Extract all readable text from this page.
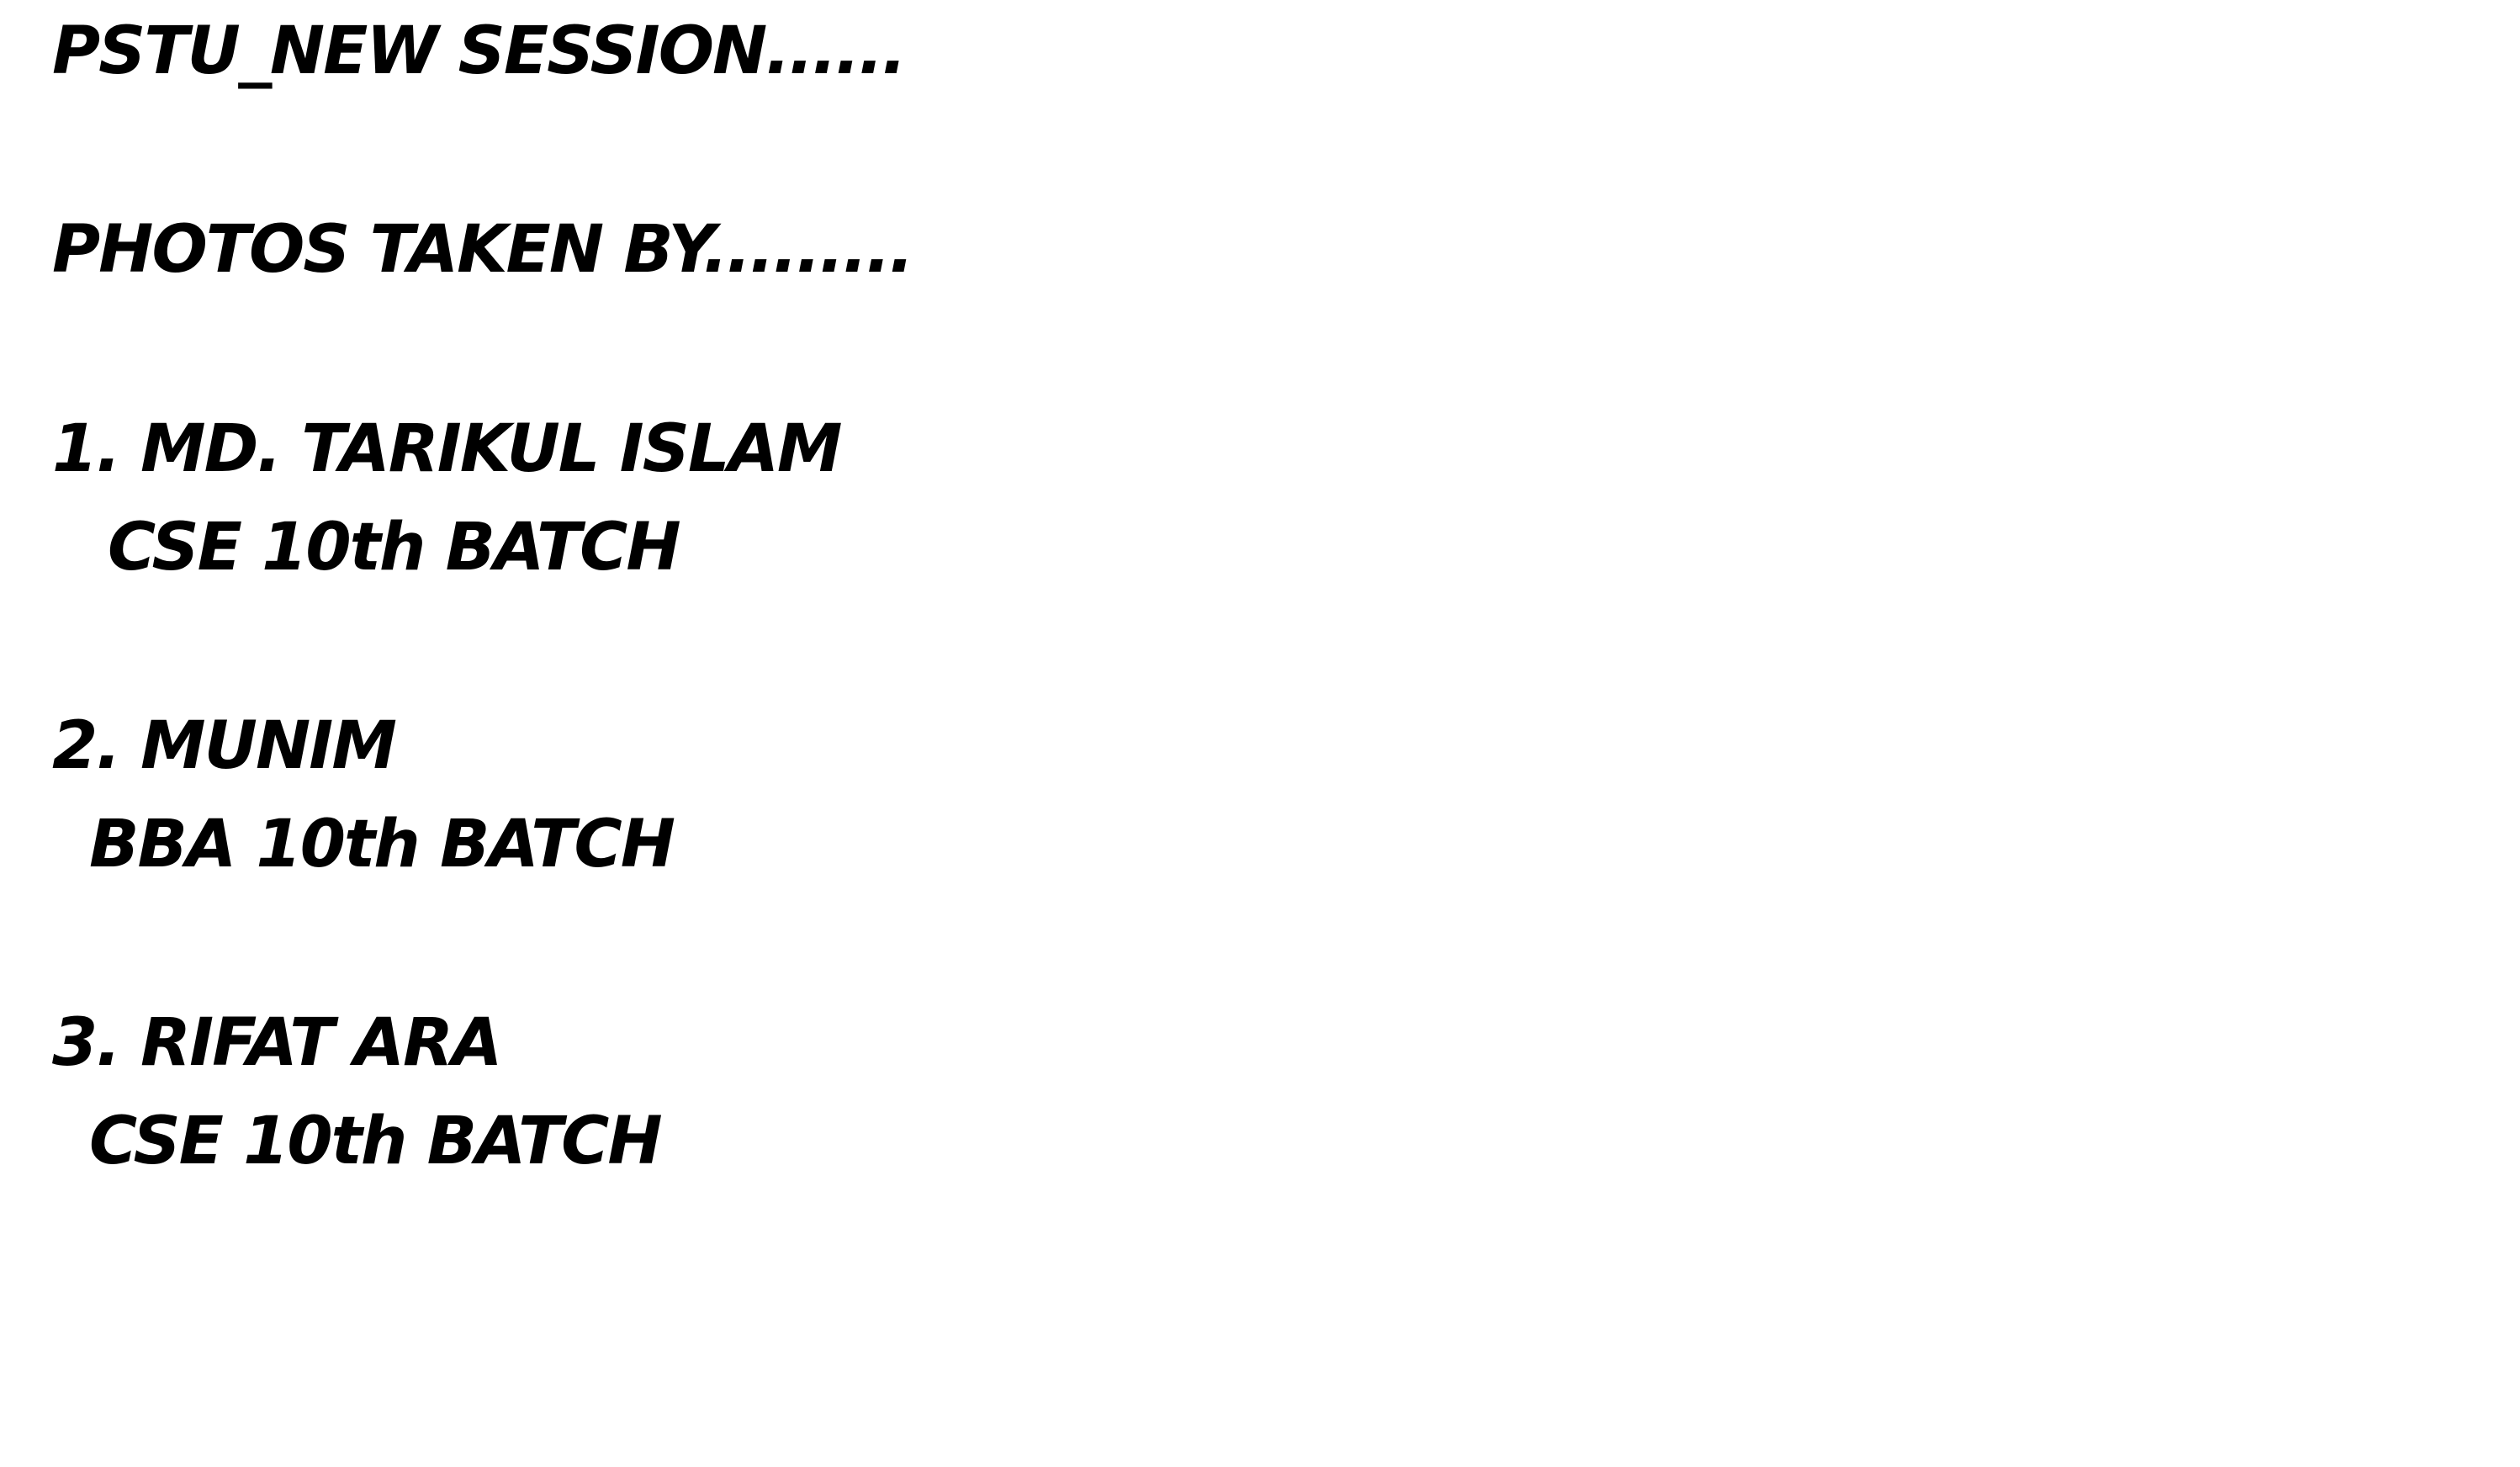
PSTU_NEW SESSION......

PHOTOS TAKEN BY.........

1. MD. TARIKUL ISLAM

CSE 10th BATCH

2. MUNIM

BBA 10th BATCH

3. RIFAT ARA

CSE 10th BATCH
